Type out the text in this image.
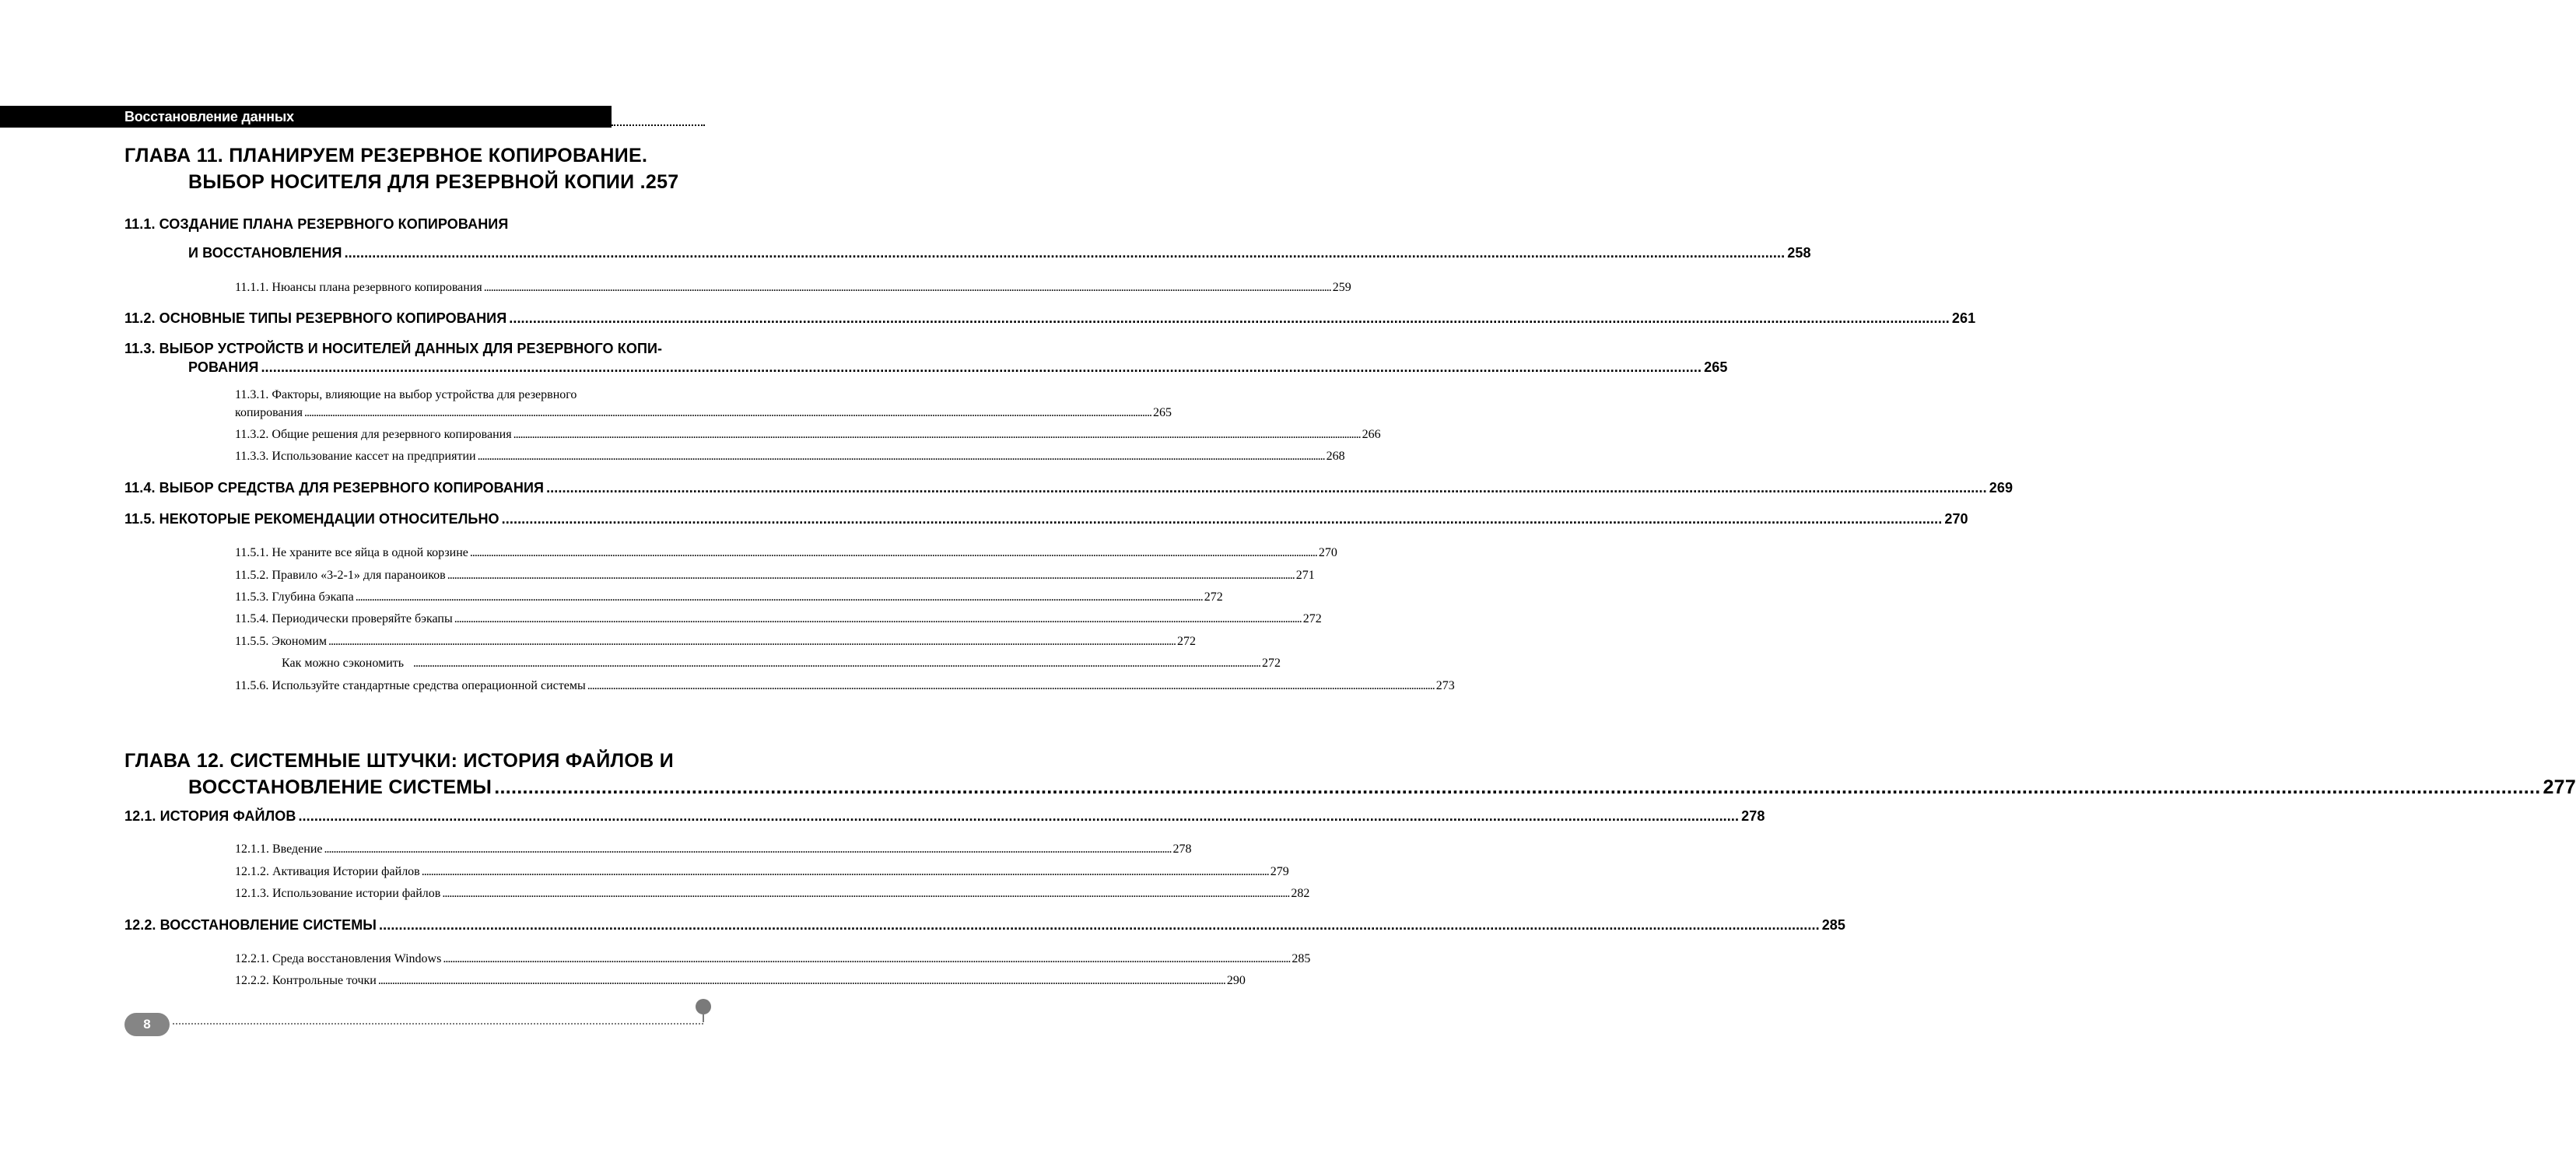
Восстановление данных
ГЛАВА 11. ПЛАНИРУЕМ РЕЗЕРВНОЕ КОПИРОВАНИЕ.
ВЫБОР НОСИТЕЛЯ ДЛЯ РЕЗЕРВНОЙ КОПИИ .257
11.1. СОЗДАНИЕ ПЛАНА РЕЗЕРВНОГО КОПИРОВАНИЯ
И ВОССТАНОВЛЕНИЯ .....	258
11.1.1. Нюансы плана резервного копирования .....	259
11.2. ОСНОВНЫЕ ТИПЫ РЕЗЕРВНОГО КОПИРОВАНИЯ .....	261
11.3. ВЫБОР УСТРОЙСТВ И НОСИТЕЛЕЙ ДАННЫХ ДЛЯ РЕЗЕРВНОГО КОПИ-
РОВАНИЯ .....	265
11.3.1. Факторы, влияющие на выбор устройства для резервного
копирования .....	265
11.3.2. Общие решения для резервного копирования .....	266
11.3.3. Использование кассет на предприятии .....	268
11.4. ВЫБОР СРЕДСТВА ДЛЯ РЕЗЕРВНОГО КОПИРОВАНИЯ .....	269
11.5. НЕКОТОРЫЕ РЕКОМЕНДАЦИИ ОТНОСИТЕЛЬНО .....	270
11.5.1. Не храните все яйца в одной корзине .....	270
11.5.2. Правило «3-2-1» для параноиков .....	271
11.5.3. Глубина бэкапа .....	272
11.5.4. Периодически проверяйте бэкапы .....	272
11.5.5. Экономим .....	272
Как можно сэкономить .....	272
11.5.6. Используйте стандартные средства операционной системы .....	273
ГЛАВА 12. СИСТЕМНЫЕ ШТУЧКИ: ИСТОРИЯ ФАЙЛОВ И
ВОССТАНОВЛЕНИЕ СИСТЕМЫ .....	277
12.1. ИСТОРИЯ ФАЙЛОВ .....	278
12.1.1. Введение .....	278
12.1.2. Активация Истории файлов .....	279
12.1.3. Использование истории файлов .....	282
12.2. ВОССТАНОВЛЕНИЕ СИСТЕМЫ .....	285
12.2.1. Среда восстановления Windows .....	285
12.2.2. Контрольные точки .....	290
8
